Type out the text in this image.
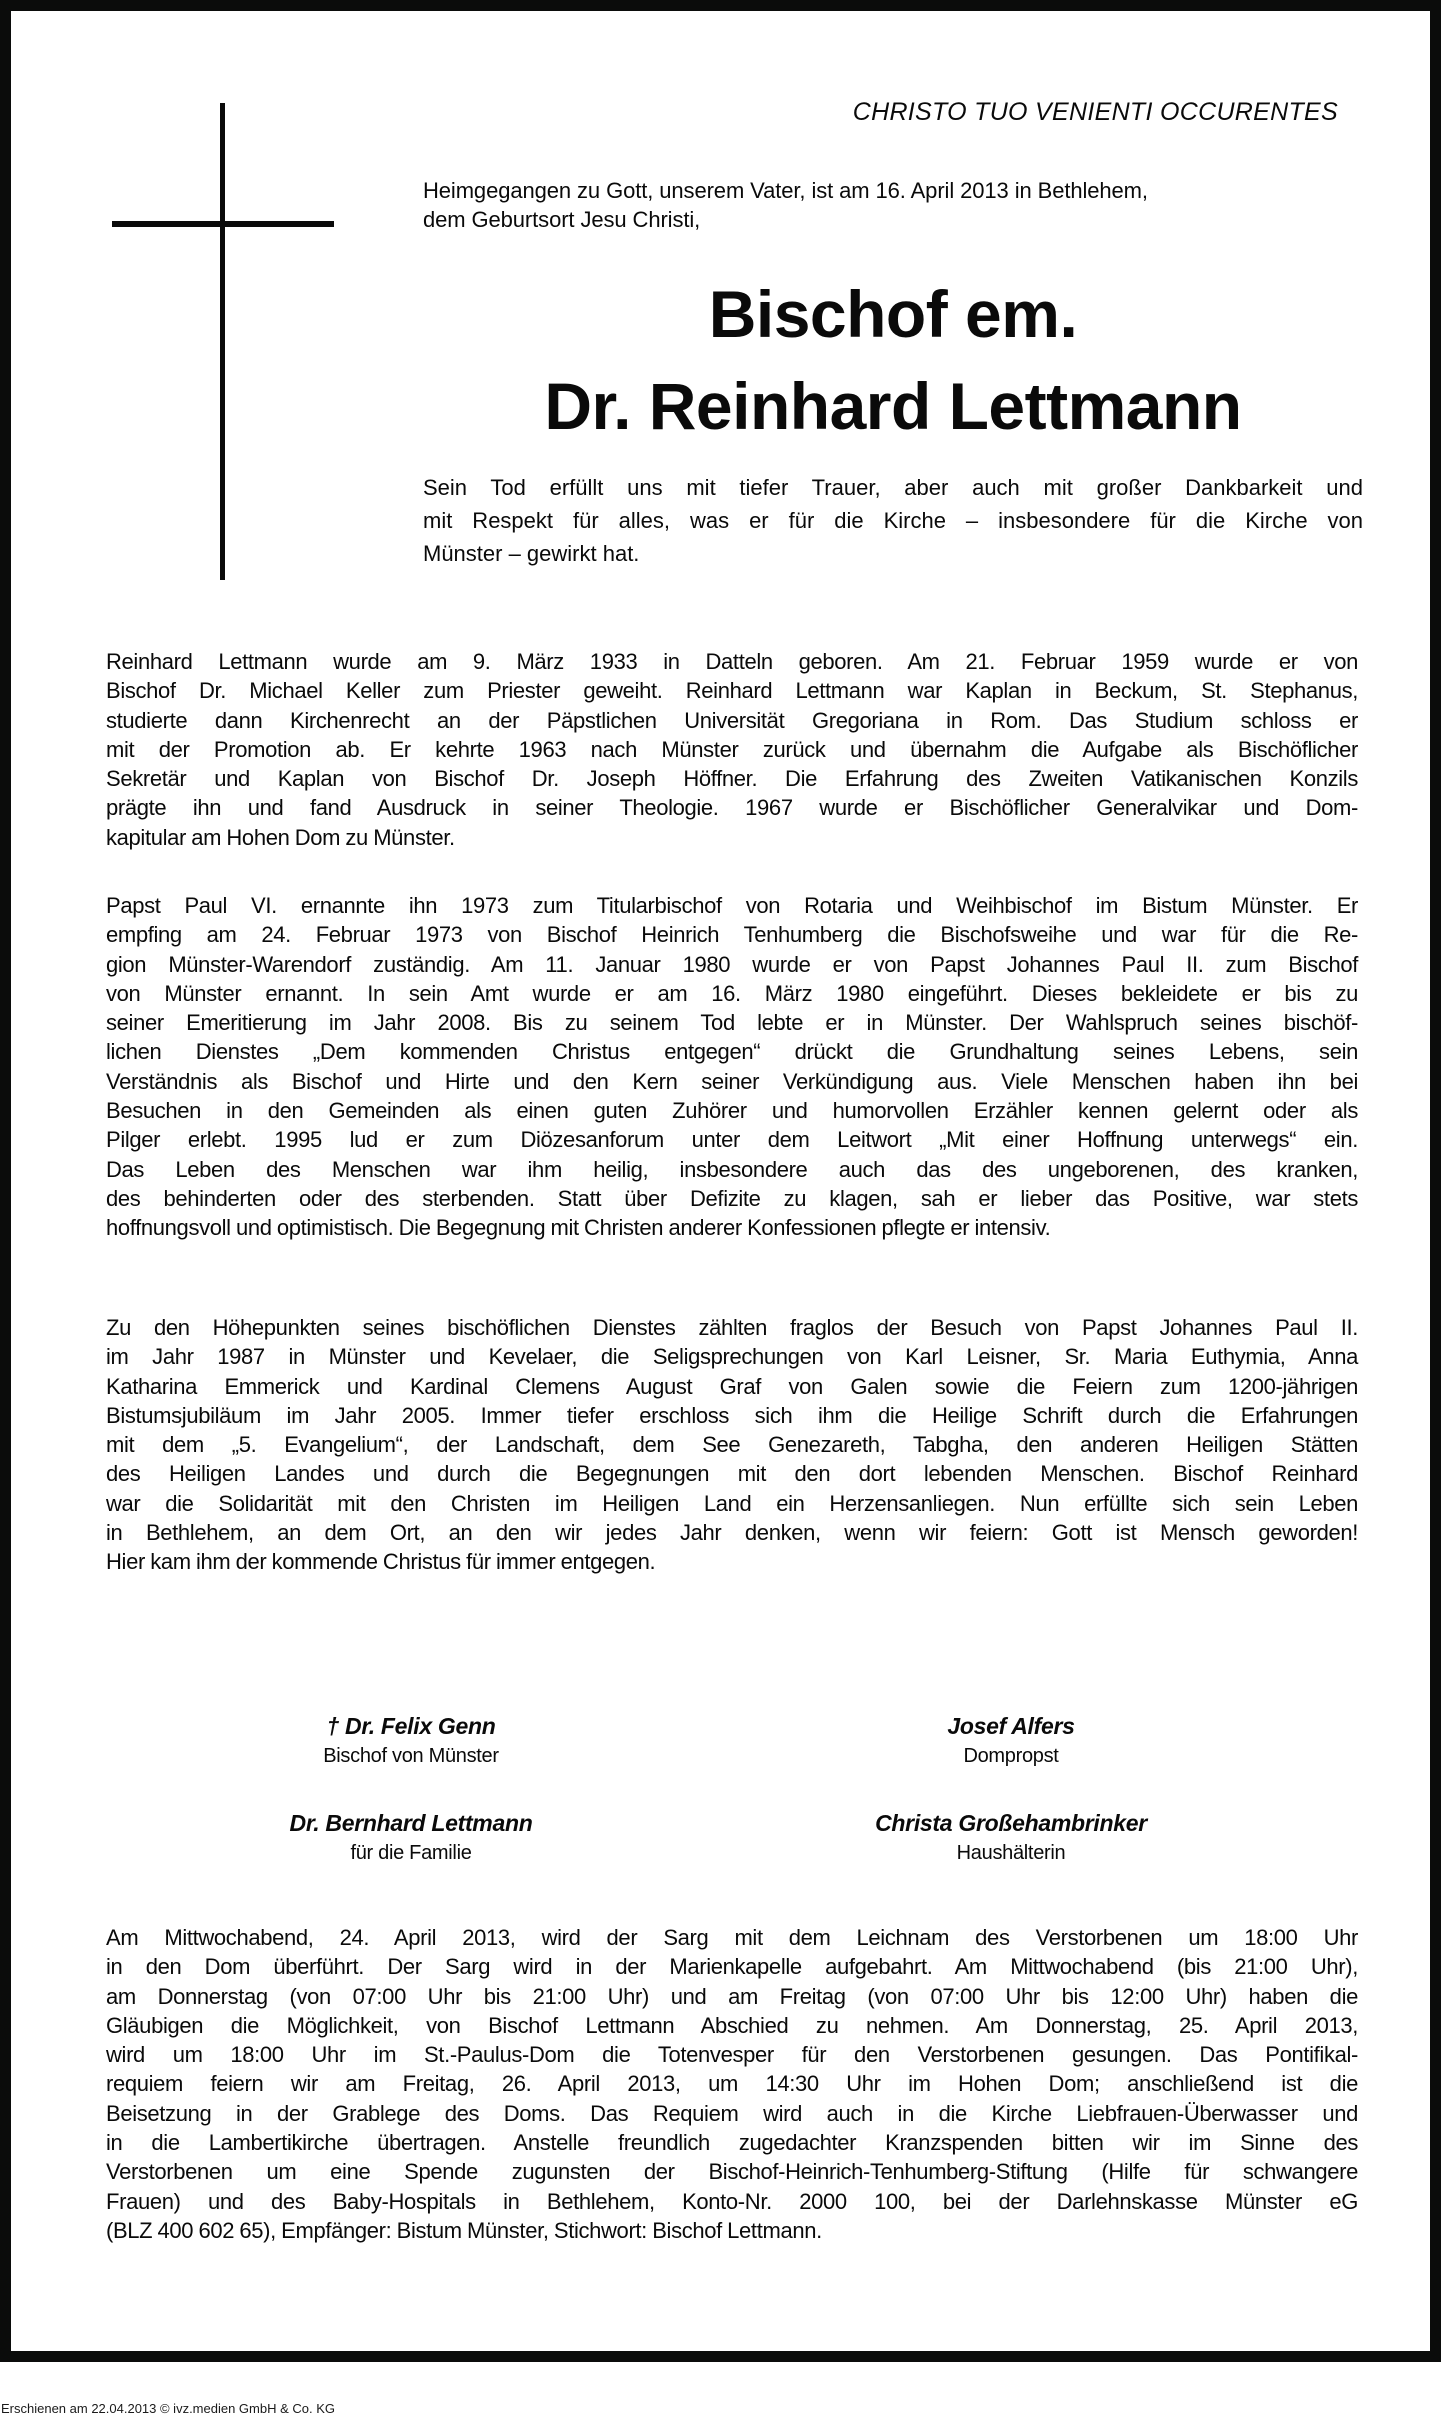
CHRISTO TUO VENIENTI OCCURENTES
Heimgegangen zu Gott, unserem Vater, ist am 16. April 2013 in Bethlehem,
dem Geburtsort Jesu Christi,
Bischof em.
Dr. Reinhard Lettmann
Sein Tod erfüllt uns mit tiefer Trauer, aber auch mit großer Dankbarkeit und
mit Respekt für alles, was er für die Kirche – insbesondere für die Kirche von
Münster – gewirkt hat.
Reinhard Lettmann wurde am 9. März 1933 in Datteln geboren. Am 21. Februar 1959 wurde er von
Bischof Dr. Michael Keller zum Priester geweiht. Reinhard Lettmann war Kaplan in Beckum, St. Stephanus,
studierte dann Kirchenrecht an der Päpstlichen Universität Gregoriana in Rom. Das Studium schloss er
mit der Promotion ab. Er kehrte 1963 nach Münster zurück und übernahm die Aufgabe als Bischöflicher
Sekretär und Kaplan von Bischof Dr. Joseph Höffner. Die Erfahrung des Zweiten Vatikanischen Konzils
prägte ihn und fand Ausdruck in seiner Theologie. 1967 wurde er Bischöflicher Generalvikar und Dom-
kapitular am Hohen Dom zu Münster.
Papst Paul VI. ernannte ihn 1973 zum Titularbischof von Rotaria und Weihbischof im Bistum Münster. Er
empfing am 24. Februar 1973 von Bischof Heinrich Tenhumberg die Bischofsweihe und war für die Re-
gion Münster-Warendorf zuständig. Am 11. Januar 1980 wurde er von Papst Johannes Paul II. zum Bischof
von Münster ernannt. In sein Amt wurde er am 16. März 1980 eingeführt. Dieses bekleidete er bis zu
seiner Emeritierung im Jahr 2008. Bis zu seinem Tod lebte er in Münster. Der Wahlspruch seines bischöf-
lichen Dienstes „Dem kommenden Christus entgegen“ drückt die Grundhaltung seines Lebens, sein
Verständnis als Bischof und Hirte und den Kern seiner Verkündigung aus. Viele Menschen haben ihn bei
Besuchen in den Gemeinden als einen guten Zuhörer und humorvollen Erzähler kennen gelernt oder als
Pilger erlebt. 1995 lud er zum Diözesanforum unter dem Leitwort „Mit einer Hoffnung unterwegs“ ein.
Das Leben des Menschen war ihm heilig, insbesondere auch das des ungeborenen, des kranken,
des behinderten oder des sterbenden. Statt über Defizite zu klagen, sah er lieber das Positive, war stets
hoffnungsvoll und optimistisch. Die Begegnung mit Christen anderer Konfessionen pflegte er intensiv.
Zu den Höhepunkten seines bischöflichen Dienstes zählten fraglos der Besuch von Papst Johannes Paul II.
im Jahr 1987 in Münster und Kevelaer, die Seligsprechungen von Karl Leisner, Sr. Maria Euthymia, Anna
Katharina Emmerick und Kardinal Clemens August Graf von Galen sowie die Feiern zum 1200-jährigen
Bistumsjubiläum im Jahr 2005. Immer tiefer erschloss sich ihm die Heilige Schrift durch die Erfahrungen
mit dem „5. Evangelium“, der Landschaft, dem See Genezareth, Tabgha, den anderen Heiligen Stätten
des Heiligen Landes und durch die Begegnungen mit den dort lebenden Menschen. Bischof Reinhard
war die Solidarität mit den Christen im Heiligen Land ein Herzensanliegen. Nun erfüllte sich sein Leben
in Bethlehem, an dem Ort, an den wir jedes Jahr denken, wenn wir feiern: Gott ist Mensch geworden!
Hier kam ihm der kommende Christus für immer entgegen.
† Dr. Felix Genn
Bischof von Münster
Josef Alfers
Dompropst
Dr. Bernhard Lettmann
für die Familie
Christa Großehambrinker
Haushälterin
Am Mittwochabend, 24. April 2013, wird der Sarg mit dem Leichnam des Verstorbenen um 18:00 Uhr
in den Dom überführt. Der Sarg wird in der Marienkapelle aufgebahrt. Am Mittwochabend (bis 21:00 Uhr),
am Donnerstag (von 07:00 Uhr bis 21:00 Uhr) und am Freitag (von 07:00 Uhr bis 12:00 Uhr) haben die
Gläubigen die Möglichkeit, von Bischof Lettmann Abschied zu nehmen. Am Donnerstag, 25. April 2013,
wird um 18:00 Uhr im St.-Paulus-Dom die Totenvesper für den Verstorbenen gesungen. Das Pontifikal-
requiem feiern wir am Freitag, 26. April 2013, um 14:30 Uhr im Hohen Dom; anschließend ist die
Beisetzung in der Grablege des Doms. Das Requiem wird auch in die Kirche Liebfrauen-Überwasser und
in die Lambertikirche übertragen. Anstelle freundlich zugedachter Kranzspenden bitten wir im Sinne des
Verstorbenen um eine Spende zugunsten der Bischof-Heinrich-Tenhumberg-Stiftung (Hilfe für schwangere
Frauen) und des Baby-Hospitals in Bethlehem, Konto-Nr. 2000 100, bei der Darlehnskasse Münster eG
(BLZ 400 602 65), Empfänger: Bistum Münster, Stichwort: Bischof Lettmann.
Erschienen am 22.04.2013 © ivz.medien GmbH & Co. KG
